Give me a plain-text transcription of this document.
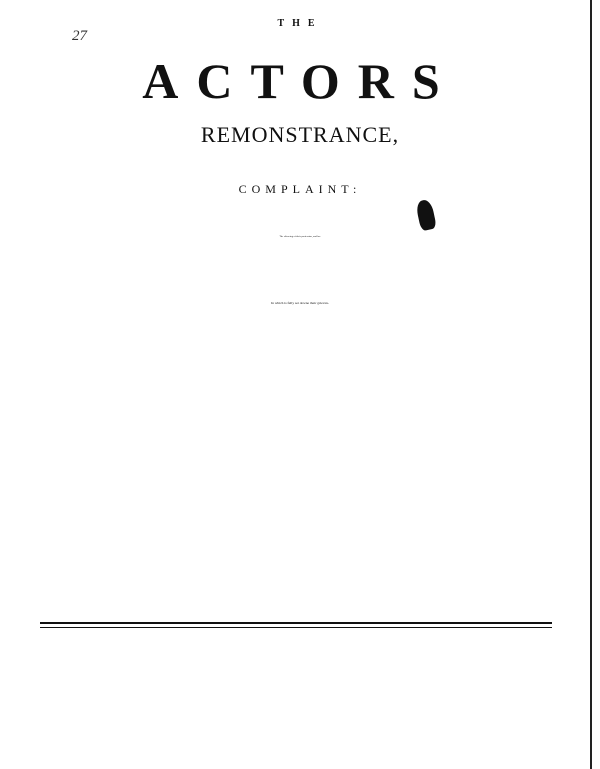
27
THE
ACTORS
REMONSTRANCE,
COMPLAINT:
The silencing of their profession, and ba-
In which is fully set downe their grievan-
